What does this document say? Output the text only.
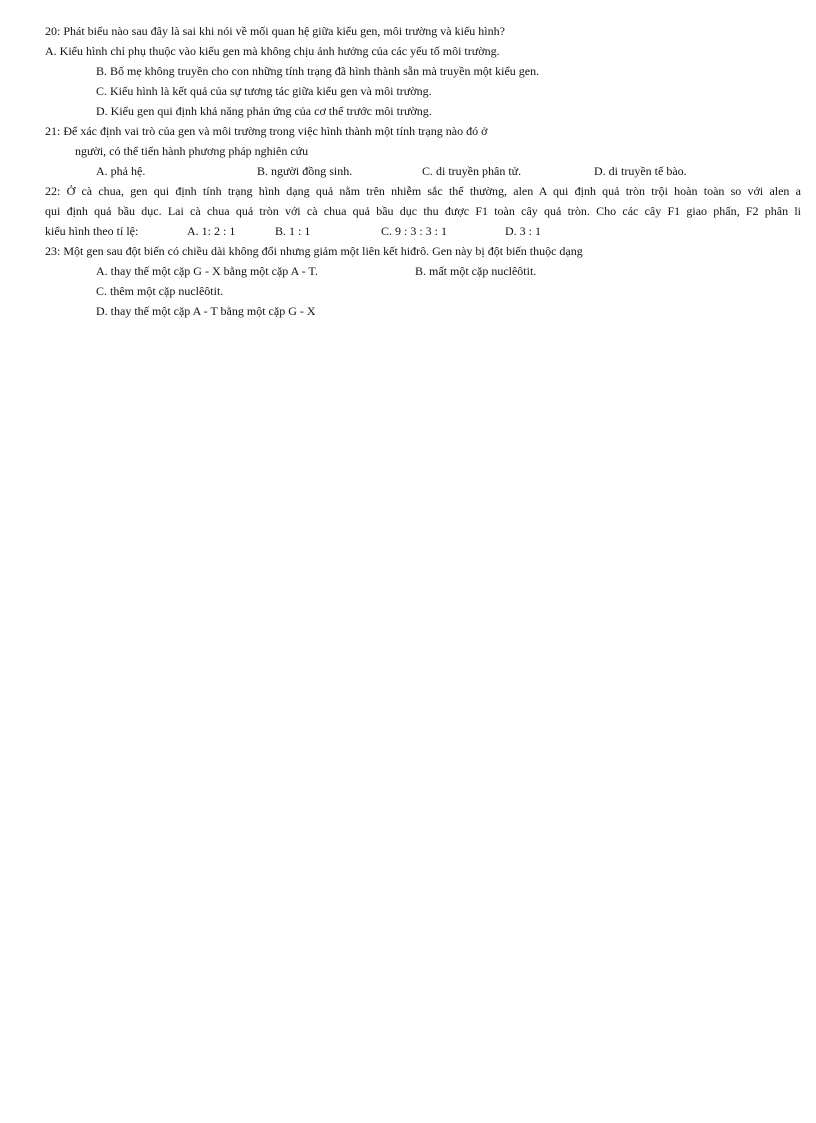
20: Phát biểu nào sau đây là sai khi nói về mối quan hệ giữa kiểu gen, môi trường và kiểu hình?
A. Kiểu hình chỉ phụ thuộc vào kiểu gen mà không chịu ảnh hưởng của các yếu tố môi trường.
B. Bố mẹ không truyền cho con những tính trạng đã hình thành sẵn mà truyền một kiểu gen.
C. Kiểu hình là kết quả của sự tương tác giữa kiểu gen và môi trường.
D. Kiểu gen qui định khả năng phản ứng của cơ thể trước môi trường.
21: Để xác định vai trò của gen và môi trường trong việc hình thành một tính trạng nào đó ở
người, có thể tiến hành phương pháp nghiên cứu
A. phả hệ.	B. người đồng sinh.	C. di truyền phân tử.	D. di truyền tế bào.
22: Ở cà chua, gen qui định tính trạng hình dạng quả nằm trên nhiễm sắc thể thường, alen A qui định quả tròn trội hoàn toàn so với alen a
qui định quả bầu dục. Lai cà chua quả tròn với cà chua quả bầu dục thu được F1 toàn cây quả tròn. Cho các cây F1 giao phấn, F2 phân li
kiểu hình theo tỉ lệ:	A. 1: 2 : 1	B. 1 : 1	C. 9 : 3 : 3 : 1	D. 3 : 1
23: Một gen sau đột biến có chiều dài không đổi nhưng giảm một liên kết hiđrô. Gen này bị đột biến thuộc dạng
A. thay thế một cặp G - X bằng một cặp A - T.	B. mất một cặp nuclêôtit.
C. thêm một cặp nuclêôtit.
D. thay thế một cặp A - T bằng một cặp G - X
